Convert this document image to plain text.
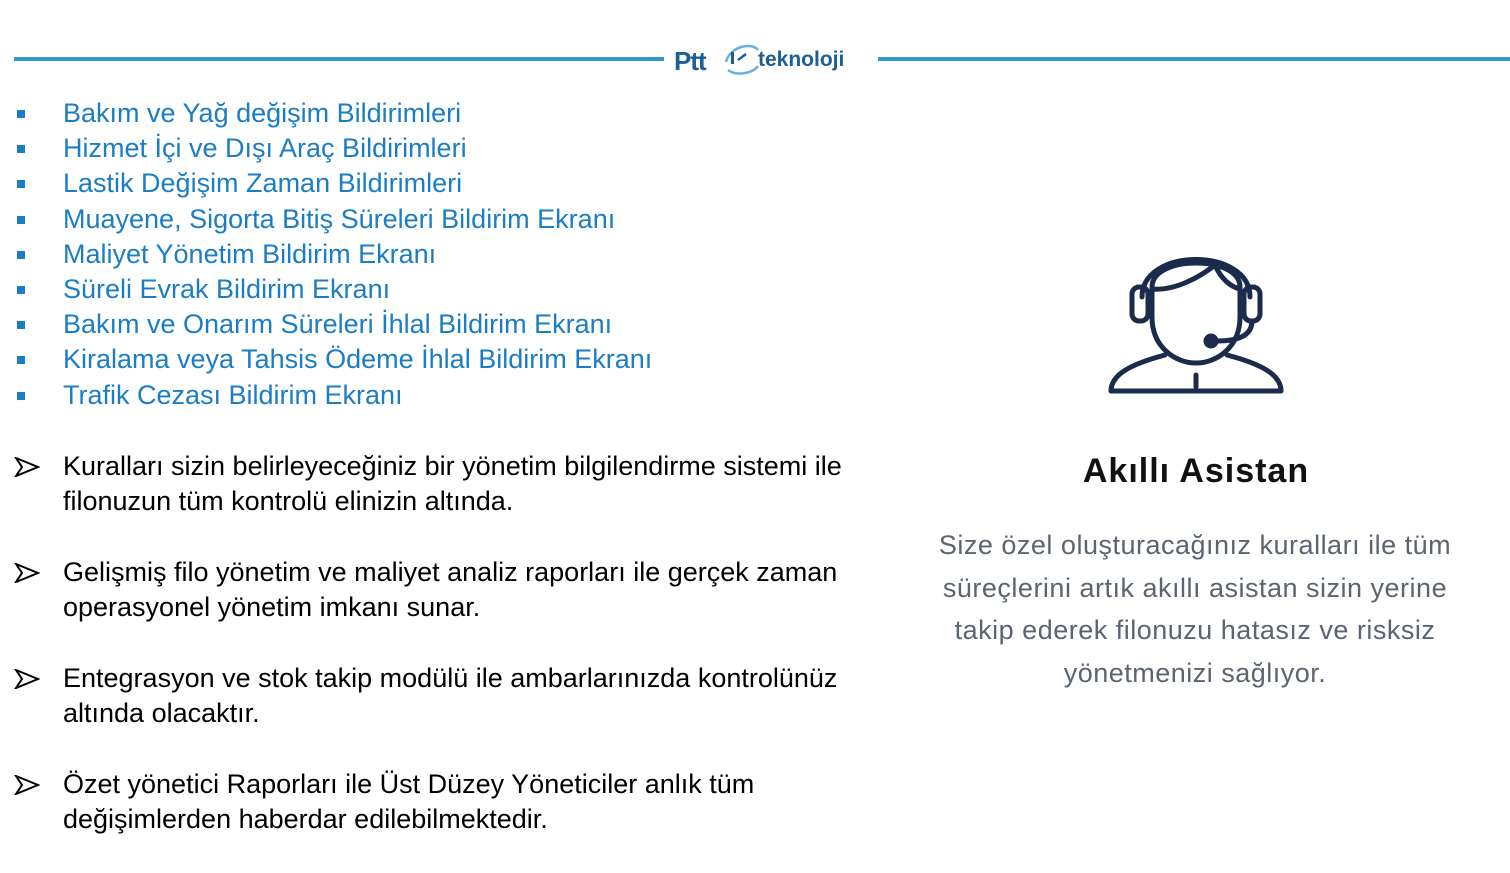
Ptt teknoloji
Bakım ve Yağ değişim Bildirimleri
Hizmet İçi ve Dışı Araç Bildirimleri
Lastik Değişim Zaman Bildirimleri
Muayene, Sigorta Bitiş Süreleri Bildirim Ekranı
Maliyet Yönetim Bildirim Ekranı
Süreli Evrak Bildirim Ekranı
Bakım ve Onarım Süreleri İhlal Bildirim Ekranı
Kiralama veya Tahsis Ödeme İhlal Bildirim Ekranı
Trafik Cezası Bildirim Ekranı
Kuralları sizin belirleyeceğiniz bir yönetim bilgilendirme sistemi ile
filonuzun tüm kontrolü elinizin altında.
Gelişmiş filo yönetim ve maliyet analiz raporları ile gerçek zaman
operasyonel yönetim imkanı sunar.
Entegrasyon ve stok takip modülü ile ambarlarınızda kontrolünüz
altında olacaktır.
Özet yönetici Raporları ile Üst Düzey Yöneticiler anlık tüm
değişimlerden haberdar edilebilmektedir.
Akıllı Asistan
Size özel oluşturacağınız kuralları ile tüm
süreçlerini artık akıllı asistan sizin yerine
takip ederek filonuzu hatasız ve risksiz
yönetmenizi sağlıyor.
